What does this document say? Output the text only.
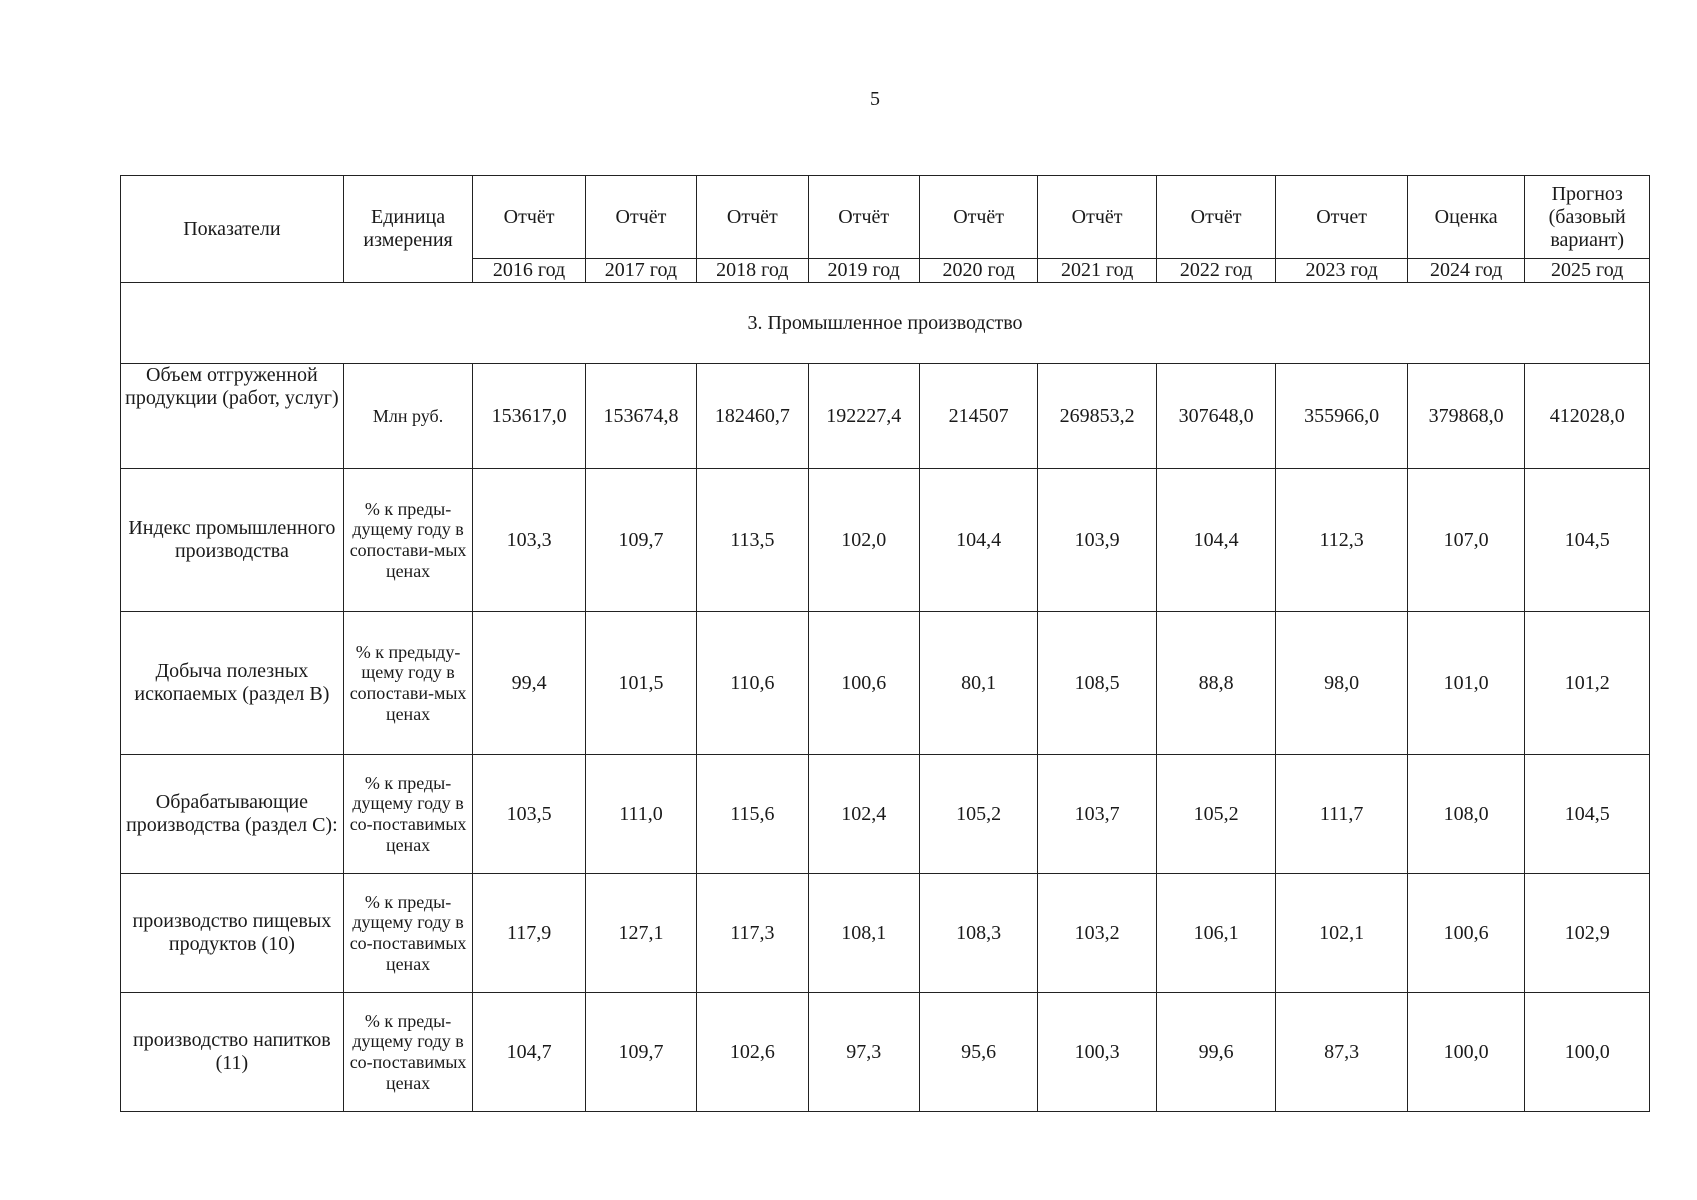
5
Показатели	Единица измерения	Отчёт	Отчёт	Отчёт	Отчёт	Отчёт	Отчёт	Отчёт	Отчет	Оценка	Прогноз (базовый вариант)
		2016 год	2017 год	2018 год	2019 год	2020 год	2021 год	2022 год	2023 год	2024 год	2025 год
3. Промышленное производство											
Объем отгруженной продукции (работ, услуг)	Млн руб.	153617,0	153674,8	182460,7	192227,4	214507	269853,2	307648,0	355966,0	379868,0	412028,0
Индекс промышленного производства	% к преды-дущему году в сопостави-мых ценах	103,3	109,7	113,5	102,0	104,4	103,9	104,4	112,3	107,0	104,5
Добыча полезных ископаемых (раздел В)	% к предыду-щему году в сопостави-мых ценах	99,4	101,5	110,6	100,6	80,1	108,5	88,8	98,0	101,0	101,2
Обрабатывающие производства (раздел С):	% к преды-дущему году в со-поставимых ценах	103,5	111,0	115,6	102,4	105,2	103,7	105,2	111,7	108,0	104,5
производство пищевых продуктов (10)	% к преды-дущему году в со-поставимых ценах	117,9	127,1	117,3	108,1	108,3	103,2	106,1	102,1	100,6	102,9
производство напитков (11)	% к преды-дущему году в со-поставимых ценах	104,7	109,7	102,6	97,3	95,6	100,3	99,6	87,3	100,0	100,0
